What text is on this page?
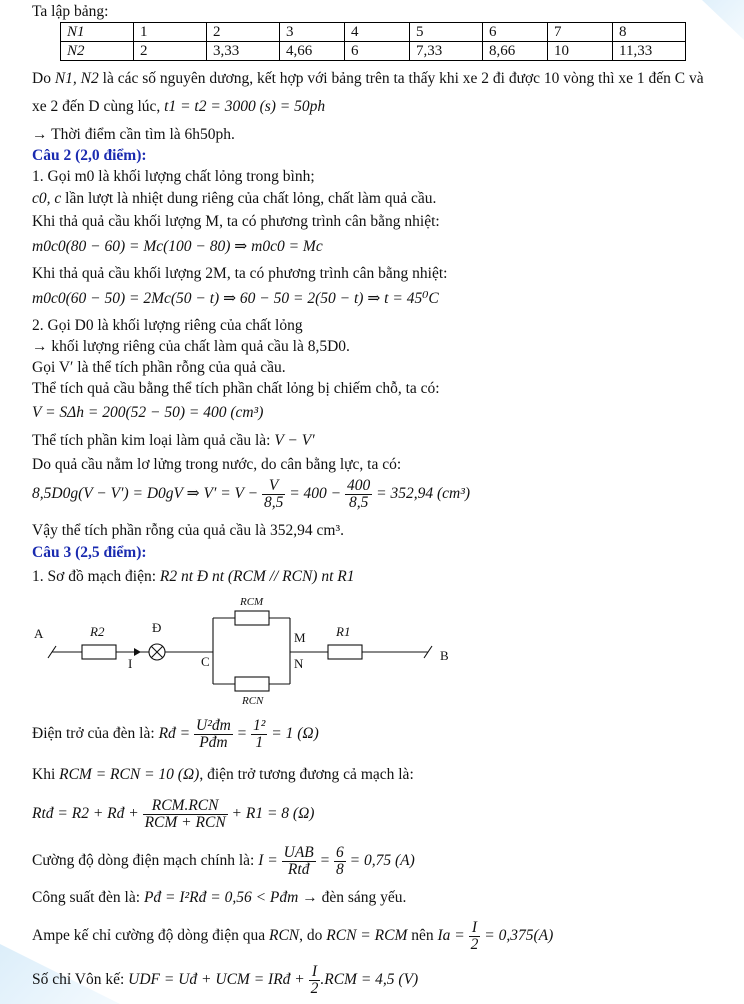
Ta lập bảng:
N1	1	2	3	4	5	6	7	8
N2	2	3,33	4,66	6	7,33	8,66	10	11,33
Do N1, N2 là các số nguyên dương, kết hợp với bảng trên ta thấy khi xe 2 đi được 10 vòng thì xe 1 đến C và
xe 2 đến D cùng lúc, t1 = t2 = 3000 (s) = 50ph
→ Thời điểm cần tìm là 6h50ph.
Câu 2 (2,0 điểm):
1. Gọi m0 là khối lượng chất lỏng trong bình;
c0, c lần lượt là nhiệt dung riêng của chất lỏng, chất làm quả cầu.
Khi thả quả cầu khối lượng M, ta có phương trình cân bằng nhiệt:
m0c0(80 − 60) = Mc(100 − 80) ⇒ m0c0 = Mc
Khi thả quả cầu khối lượng 2M, ta có phương trình cân bằng nhiệt:
m0c0(60 − 50) = 2Mc(50 − t) ⇒ 60 − 50 = 2(50 − t) ⇒ t = 45⁰C
2. Gọi D0 là khối lượng riêng của chất lỏng
→ khối lượng riêng của chất làm quả cầu là 8,5D0.
Gọi V′ là thể tích phần rỗng của quả cầu.
Thể tích quả cầu bằng thể tích phần chất lỏng bị chiếm chỗ, ta có:
V = SΔh = 200(52 − 50) = 400 (cm³)
Thể tích phần kim loại làm quả cầu là: V − V′
Do quả cầu nằm lơ lửng trong nước, do cân bằng lực, ta có:
8,5D0g(V − V′) = D0gV ⇒ $V' = V - \frac{V}{8,5} = 400 - \frac{400}{8,5} = 352,94$ (cm³)
Vậy thể tích phần rỗng của quả cầu là 352,94 cm³.
Câu 3 (2,5 điểm):
1. Sơ đồ mạch điện: R2 nt Đ nt (RCM // RCN) nt R1
A
B
C
M
N
I
Đ
R2	R1
RCM
RCN
Điện trở của đèn là: Rđ = $\frac{\text{U²đm}}{\text{Pđm}} = \frac{\text{1²}}{1} = 1$ (Ω)
Khi RCM = RCN = 10 (Ω), điện trở tương đương cả mạch là:
Rtđ = R2 + Rđ + $\frac{\text{RCM.RCN}}{\text{RCM + RCN}} + R1 = 8$ (Ω)
Cường độ dòng điện mạch chính là: $I = \frac{\text{UAB}}{\text{Rtđ}} = \frac{6}{8} = 0,75$ (A)
Công suất đèn là: Pđ = I²Rđ = 0,56 < Pđm → đèn sáng yếu.
Ampe kế chỉ cường độ dòng điện qua RCN, do RCN = RCM nên $Ia = \frac{I}{2} = 0,375(A)$
Số chỉ Vôn kế: UDF = Uđ + UCM = IRđ + $\frac{I}{2} .RCM = 4,5$ (V)
